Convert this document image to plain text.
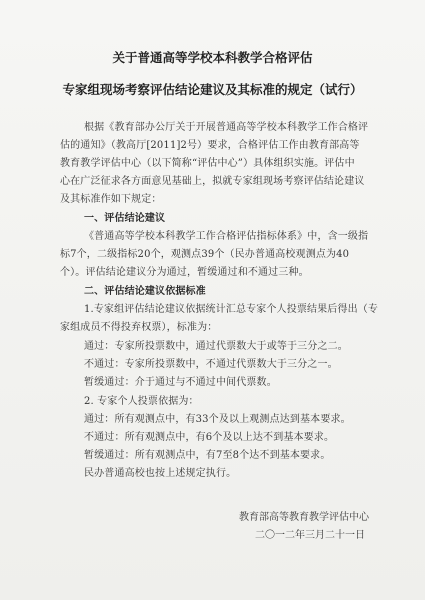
关于普通高等学校本科教学合格评估
专家组现场考察评估结论建议及其标准的规定（试行）
根据《教育部办公厅关于开展普通高等学校本科教学工作合格评
估的通知》（教高厅[2011]2号）要求，合格评估工作由教育部高等
教育教学评估中心（以下简称“评估中心”）具体组织实施。评估中
心在广泛征求各方面意见基础上，拟就专家组现场考察评估结论建议
及其标准作如下规定：
一、评估结论建议
《普通高等学校本科教学工作合格评估指标体系》中，含一级指
标7个，二级指标20个，观测点39个（民办普通高校观测点为40
个）。评估结论建议分为通过，暂缓通过和不通过三种。
二、评估结论建议依据标准
1.专家组评估结论建议依据统计汇总专家个人投票结果后得出（专
家组成员不得投弃权票），标准为：
通过：专家所投票数中，通过代票数大于或等于三分之二。
不通过：专家所投票数中，不通过代票数大于三分之一。
暂缓通过：介于通过与不通过中间代票数。
2. 专家个人投票依据为：
通过：所有观测点中，有33个及以上观测点达到基本要求。
不通过：所有观测点中，有6个及以上达不到基本要求。
暂缓通过：所有观测点中，有7至8个达不到基本要求。
民办普通高校也按上述规定执行。
教育部高等教育教学评估中心
二〇一二年三月二十一日
